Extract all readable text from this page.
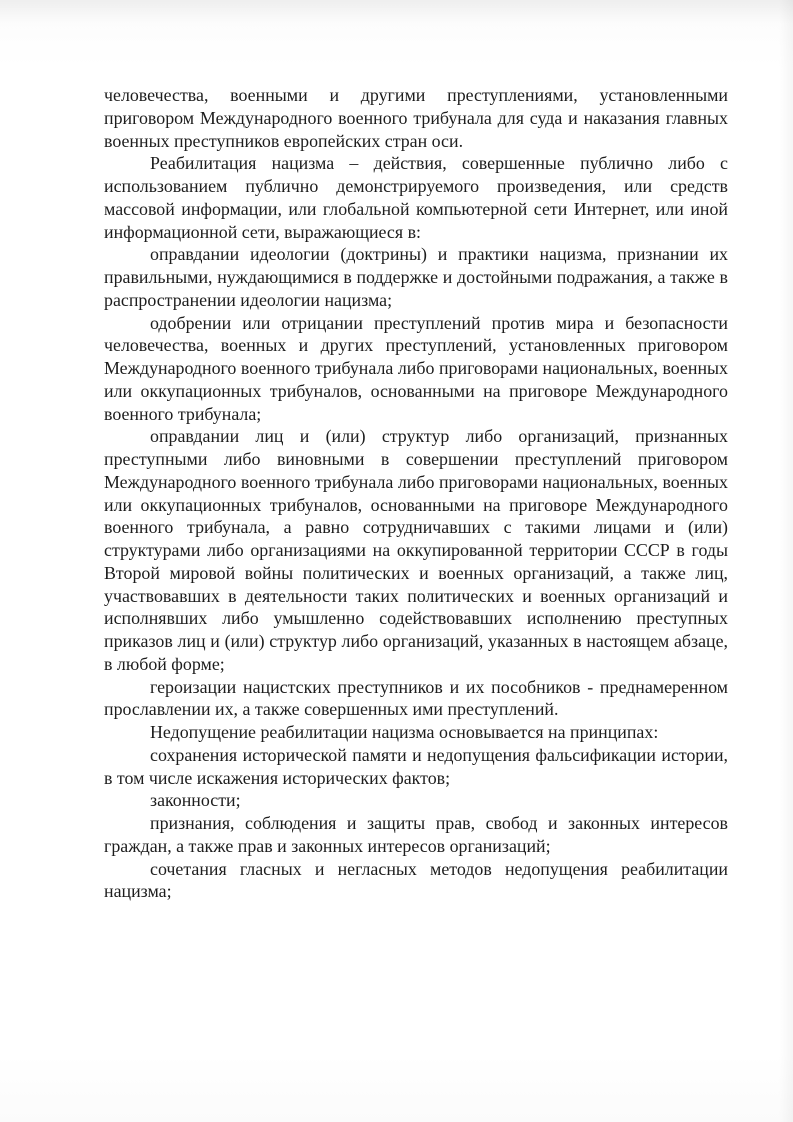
человечества, военными и другими преступлениями, установленными приговором Международного военного трибунала для суда и наказания главных военных преступников европейских стран оси.

Реабилитация нацизма – действия, совершенные публично либо с использованием публично демонстрируемого произведения, или средств массовой информации, или глобальной компьютерной сети Интернет, или иной информационной сети, выражающиеся в:

оправдании идеологии (доктрины) и практики нацизма, признании их правильными, нуждающимися в поддержке и достойными подражания, а также в распространении идеологии нацизма;

одобрении или отрицании преступлений против мира и безопасности человечества, военных и других преступлений, установленных приговором Международного военного трибунала либо приговорами национальных, военных или оккупационных трибуналов, основанными на приговоре Международного военного трибунала;

оправдании лиц и (или) структур либо организаций, признанных преступными либо виновными в совершении преступлений приговором Международного военного трибунала либо приговорами национальных, военных или оккупационных трибуналов, основанными на приговоре Международного военного трибунала, а равно сотрудничавших с такими лицами и (или) структурами либо организациями на оккупированной территории СССР в годы Второй мировой войны политических и военных организаций, а также лиц, участвовавших в деятельности таких политических и военных организаций и исполнявших либо умышленно содействовавших исполнению преступных приказов лиц и (или) структур либо организаций, указанных в настоящем абзаце, в любой форме;

героизации нацистских преступников и их пособников - преднамеренном прославлении их, а также совершенных ими преступлений.

Недопущение реабилитации нацизма основывается на принципах:

сохранения исторической памяти и недопущения фальсификации истории, в том числе искажения исторических фактов;

законности;

признания, соблюдения и защиты прав, свобод и законных интересов граждан, а также прав и законных интересов организаций;

сочетания гласных и негласных методов недопущения реабилитации нацизма;
